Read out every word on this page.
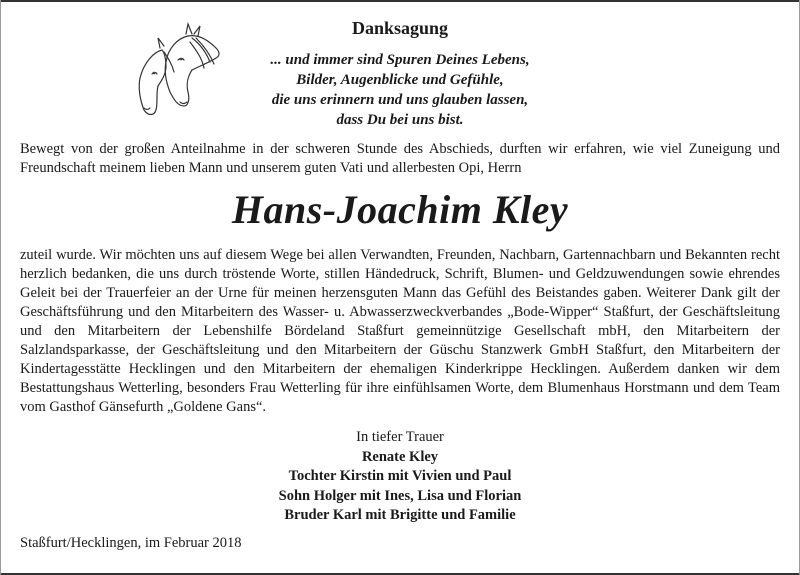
Danksagung
... und immer sind Spuren Deines Lebens,
Bilder, Augenblicke und Gefühle,
die uns erinnern und uns glauben lassen,
dass Du bei uns bist.
Bewegt von der großen Anteilnahme in der schweren Stunde des Abschieds, durften wir erfahren, wie viel Zuneigung und Freundschaft meinem lieben Mann und unserem guten Vati und allerbesten Opi, Herrn
Hans-Joachim Kley
zuteil wurde. Wir möchten uns auf diesem Wege bei allen Verwandten, Freunden, Nachbarn, Gartennachbarn und Bekannten recht herzlich bedanken, die uns durch tröstende Worte, stillen Händedruck, Schrift, Blumen- und Geldzuwendungen sowie ehrendes Geleit bei der Trauerfeier an der Urne für meinen herzensguten Mann das Gefühl des Beistandes gaben. Weiterer Dank gilt der Geschäftsführung und den Mitarbeitern des Wasser- u. Abwasserzweckverbandes „Bode-Wipper“ Staßfurt, der Geschäftsleitung und den Mitarbeitern der Lebenshilfe Bördeland Staßfurt gemeinnützige Gesellschaft mbH, den Mitarbeitern der Salzlandsparkasse, der Geschäftsleitung und den Mitarbeitern der Güschu Stanzwerk GmbH Staßfurt, den Mitarbeitern der Kindertagesstätte Hecklingen und den Mitarbeitern der ehemaligen Kinderkrippe Hecklingen. Außerdem danken wir dem Bestattungshaus Wetterling, besonders Frau Wetterling für ihre einfühlsamen Worte, dem Blumenhaus Horstmann und dem Team vom Gasthof Gänsefurth „Goldene Gans“.
In tiefer Trauer
Renate Kley
Tochter Kirstin mit Vivien und Paul
Sohn Holger mit Ines, Lisa und Florian
Bruder Karl mit Brigitte und Familie
Staßfurt/Hecklingen, im Februar 2018
